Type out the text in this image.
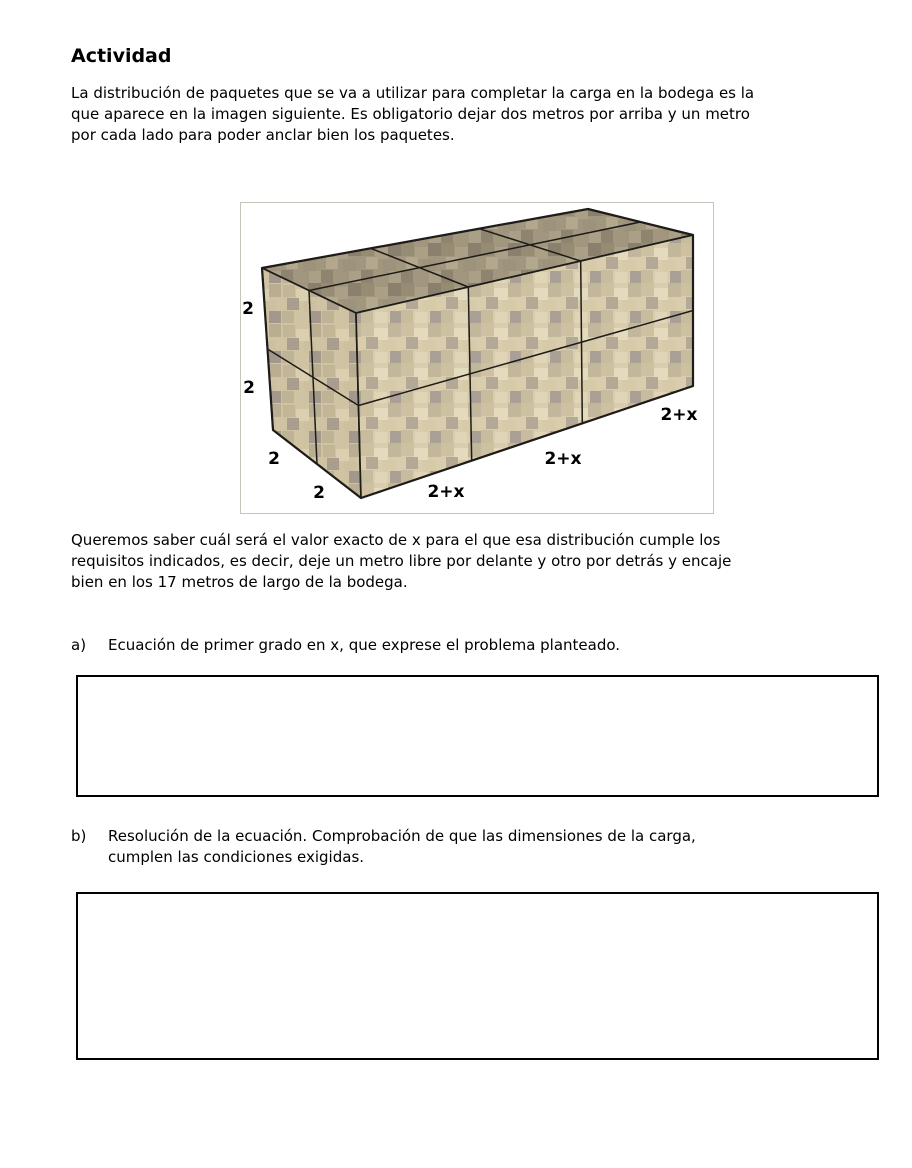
Actividad
La distribución de paquetes que se va a utilizar para completar la carga en la bodega es la
que aparece en la imagen siguiente. Es obligatorio dejar dos metros por arriba y un metro
por cada lado para poder anclar bien los paquetes.
2
2
2
2	2+x
2+x
2+x
Queremos saber cuál será el valor exacto de x para el que esa distribución cumple los
requisitos indicados, es decir, deje un metro libre por delante y otro por detrás y encaje
bien en los 17 metros de largo de la bodega.
a)	Ecuación de primer grado en x, que exprese el problema planteado.
b)	Resolución de la ecuación. Comprobación de que las dimensiones de la carga,
cumplen las condiciones exigidas.
